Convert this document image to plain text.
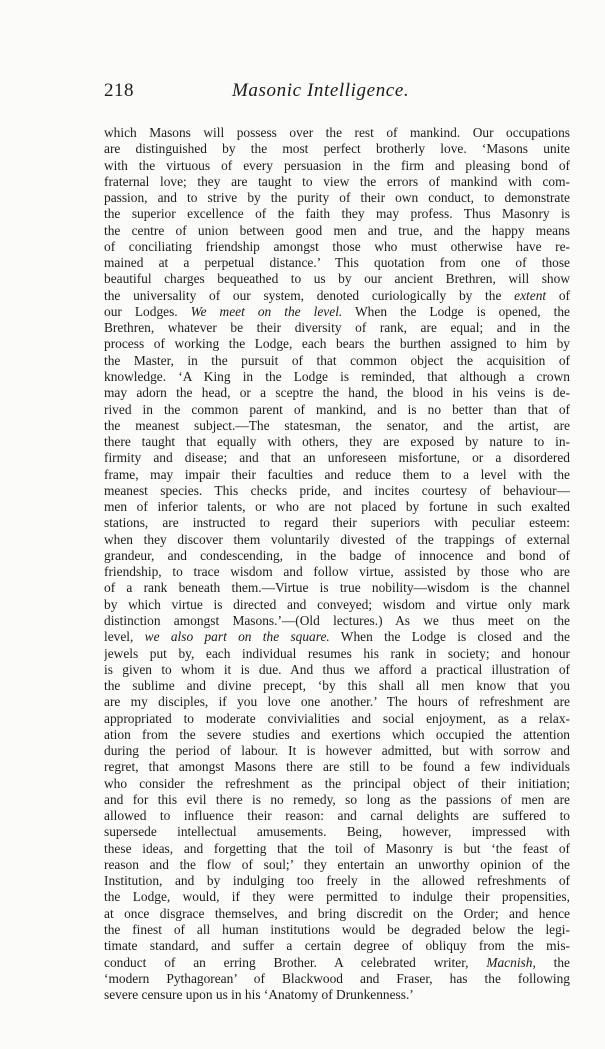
218	Masonic Intelligence.
which Masons will possess over the rest of mankind. Our occupations
are distinguished by the most perfect brotherly love. ‘Masons unite
with the virtuous of every persuasion in the firm and pleasing bond of
fraternal love; they are taught to view the errors of mankind with com-
passion, and to strive by the purity of their own conduct, to demonstrate
the superior excellence of the faith they may profess. Thus Masonry is
the centre of union between good men and true, and the happy means
of conciliating friendship amongst those who must otherwise have re-
mained at a perpetual distance.’ This quotation from one of those
beautiful charges bequeathed to us by our ancient Brethren, will show
the universality of our system, denoted curiologically by the extent of
our Lodges. We meet on the level. When the Lodge is opened, the
Brethren, whatever be their diversity of rank, are equal; and in the
process of working the Lodge, each bears the burthen assigned to him by
the Master, in the pursuit of that common object the acquisition of
knowledge. ‘A King in the Lodge is reminded, that although a crown
may adorn the head, or a sceptre the hand, the blood in his veins is de-
rived in the common parent of mankind, and is no better than that of
the meanest subject.—The statesman, the senator, and the artist, are
there taught that equally with others, they are exposed by nature to in-
firmity and disease; and that an unforeseen misfortune, or a disordered
frame, may impair their faculties and reduce them to a level with the
meanest species. This checks pride, and incites courtesy of behaviour—
men of inferior talents, or who are not placed by fortune in such exalted
stations, are instructed to regard their superiors with peculiar esteem:
when they discover them voluntarily divested of the trappings of external
grandeur, and condescending, in the badge of innocence and bond of
friendship, to trace wisdom and follow virtue, assisted by those who are
of a rank beneath them.—Virtue is true nobility—wisdom is the channel
by which virtue is directed and conveyed; wisdom and virtue only mark
distinction amongst Masons.’—(Old lectures.) As we thus meet on the
level, we also part on the square. When the Lodge is closed and the
jewels put by, each individual resumes his rank in society; and honour
is given to whom it is due. And thus we afford a practical illustration of
the sublime and divine precept, ‘by this shall all men know that you
are my disciples, if you love one another.’ The hours of refreshment are
appropriated to moderate convivialities and social enjoyment, as a relax-
ation from the severe studies and exertions which occupied the attention
during the period of labour. It is however admitted, but with sorrow and
regret, that amongst Masons there are still to be found a few individuals
who consider the refreshment as the principal object of their initiation;
and for this evil there is no remedy, so long as the passions of men are
allowed to influence their reason: and carnal delights are suffered to
supersede intellectual amusements. Being, however, impressed with
these ideas, and forgetting that the toil of Masonry is but ‘the feast of
reason and the flow of soul;’ they entertain an unworthy opinion of the
Institution, and by indulging too freely in the allowed refreshments of
the Lodge, would, if they were permitted to indulge their propensities,
at once disgrace themselves, and bring discredit on the Order; and hence
the finest of all human institutions would be degraded below the legi-
timate standard, and suffer a certain degree of obliquy from the mis-
conduct of an erring Brother. A celebrated writer, Macnish, the
‘modern Pythagorean’ of Blackwood and Fraser, has the following
severe censure upon us in his ‘Anatomy of Drunkenness.’
